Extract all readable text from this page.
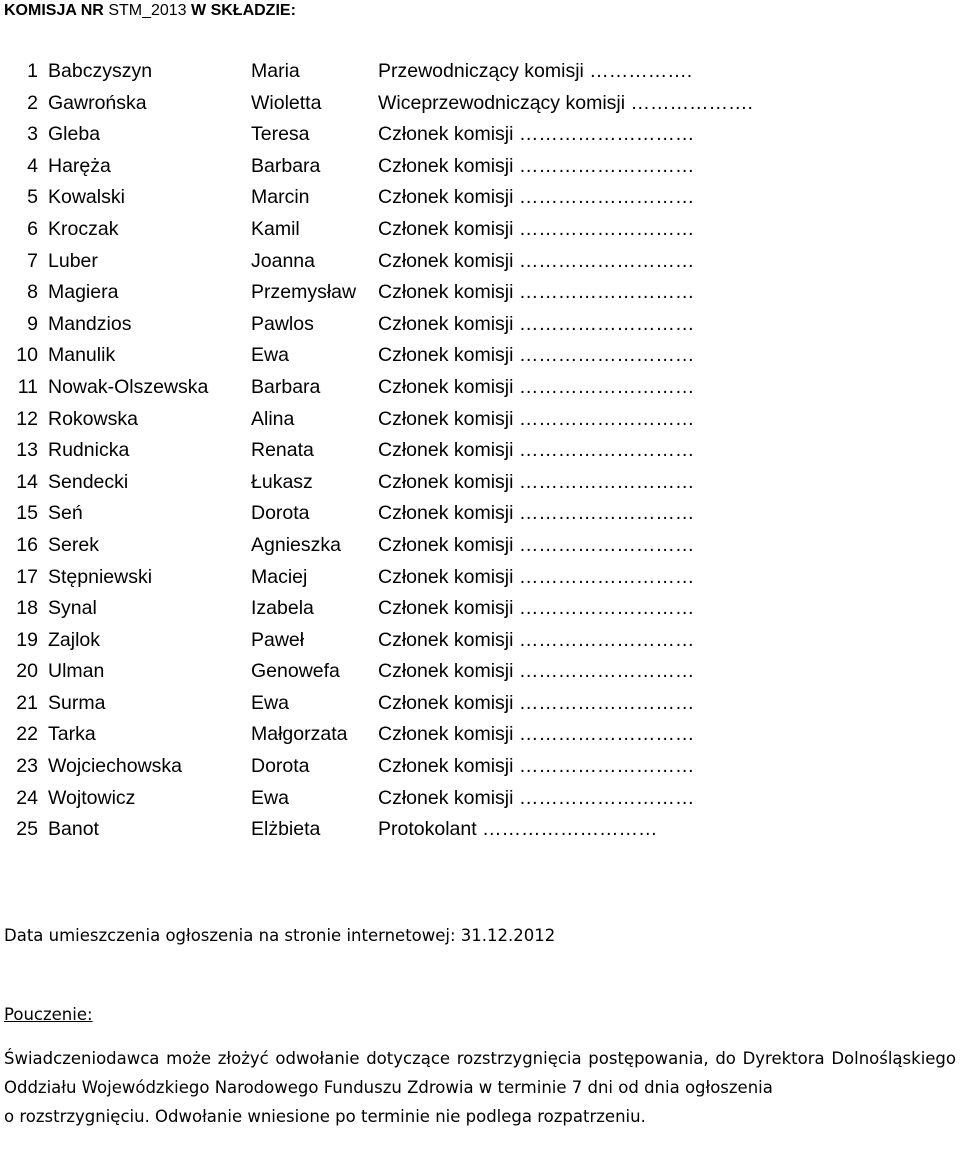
KOMISJA NR STM_2013 W SKŁADZIE:
1 Babczyszyn	Maria	Przewodniczący komisji …………….
2 Gawrońska	Wioletta	Wiceprzewodniczący komisji ……………….
3 Gleba	Teresa	Członek komisji ………………………
4 Haręża	Barbara	Członek komisji ………………………
5 Kowalski	Marcin	Członek komisji ………………………
6 Kroczak	Kamil	Członek komisji ………………………
7 Luber	Joanna	Członek komisji ………………………
8 Magiera	Przemysław Członek komisji ………………………
9 Mandzios	Pawlos	Członek komisji ………………………
10 Manulik	Ewa	Członek komisji ………………………
11 Nowak-Olszewska Barbara	Członek komisji ………………………
12 Rokowska	Alina	Członek komisji ………………………
13 Rudnicka	Renata	Członek komisji ………………………
14 Sendecki	Łukasz	Członek komisji ………………………
15 Seń	Dorota	Członek komisji ………………………
16 Serek	Agnieszka Członek komisji ………………………
17 Stępniewski	Maciej	Członek komisji ………………………
18 Synal	Izabela	Członek komisji ………………………
19 Zajlok	Paweł	Członek komisji ………………………
20 Ulman	Genowefa Członek komisji ………………………
21 Surma	Ewa	Członek komisji ………………………
22 Tarka	Małgorzata Członek komisji ………………………
23 Wojciechowska	Dorota	Członek komisji ………………………
24 Wojtowicz	Ewa	Członek komisji ………………………
25 Banot	Elżbieta	Protokolant ………………………
Data umieszczenia ogłoszenia na stronie internetowej: 31.12.2012
Pouczenie:

Świadczeniodawca może złożyć odwołanie dotyczące rozstrzygnięcia postępowania, do Dyrektora Dolnośląskiego Oddziału Wojewódzkiego Narodowego Funduszu Zdrowia w terminie 7 dni od dnia ogłoszenia

o rozstrzygnięciu. Odwołanie wniesione po terminie nie podlega rozpatrzeniu.
